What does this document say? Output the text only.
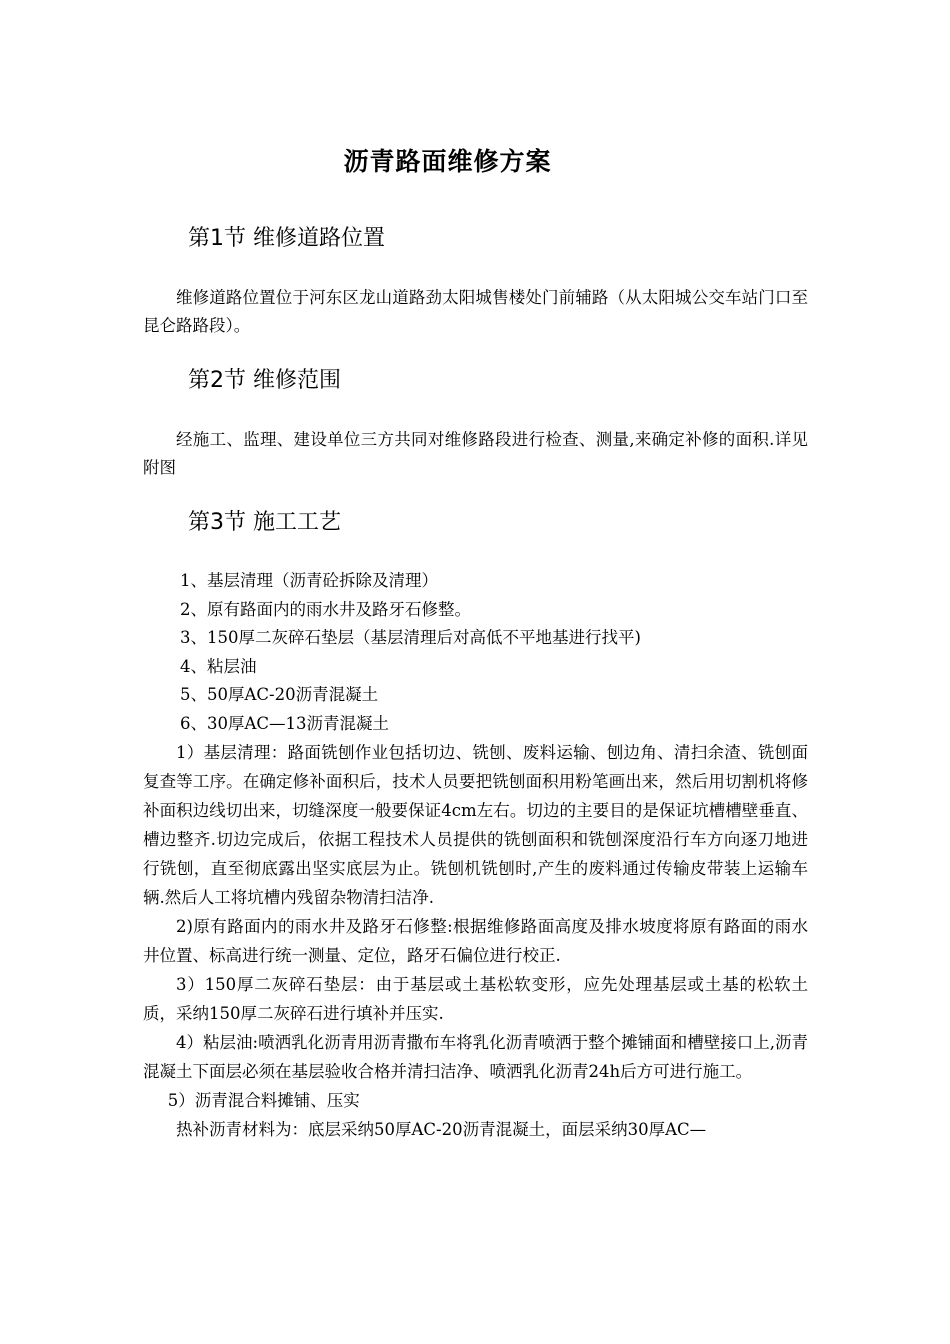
沥青路面维修方案
第1节 维修道路位置

维修道路位置位于河东区龙山道路劲太阳城售楼处门前辅路（从太阳城公交车站门口至昆仑路路段）。

第2节 维修范围

经施工、监理、建设单位三方共同对维修路段进行检查、测量,来确定补修的面积.详见附图

第3节 施工工艺
1、基层清理（沥青砼拆除及清理）
2、原有路面内的雨水井及路牙石修整。
3、150厚二灰碎石垫层（基层清理后对高低不平地基进行找平)
4、粘层油
5、50厚AC-20沥青混凝土
6、30厚AC—13沥青混凝土

1）基层清理：路面铣刨作业包括切边、铣刨、废料运输、刨边角、清扫余渣、铣刨面复查等工序。在确定修补面积后，技术人员要把铣刨面积用粉笔画出来，然后用切割机将修补面积边线切出来，切缝深度一般要保证4cm左右。切边的主要目的是保证坑槽槽壁垂直、槽边整齐.切边完成后，依据工程技术人员提供的铣刨面积和铣刨深度沿行车方向逐刀地进行铣刨，直至彻底露出坚实底层为止。铣刨机铣刨时,产生的废料通过传输皮带装上运输车辆.然后人工将坑槽内残留杂物清扫洁净.

2)原有路面内的雨水井及路牙石修整:根据维修路面高度及排水坡度将原有路面的雨水井位置、标高进行统一测量、定位，路牙石偏位进行校正.

3）150厚二灰碎石垫层：由于基层或土基松软变形，应先处理基层或土基的松软土质，采纳150厚二灰碎石进行填补并压实.

4）粘层油:喷洒乳化沥青用沥青撒布车将乳化沥青喷洒于整个摊铺面和槽壁接口上,沥青混凝土下面层必须在基层验收合格并清扫洁净、喷洒乳化沥青24h后方可进行施工。

5）沥青混合料摊铺、压实

热补沥青材料为：底层采纳50厚AC-20沥青混凝土，面层采纳30厚AC—
